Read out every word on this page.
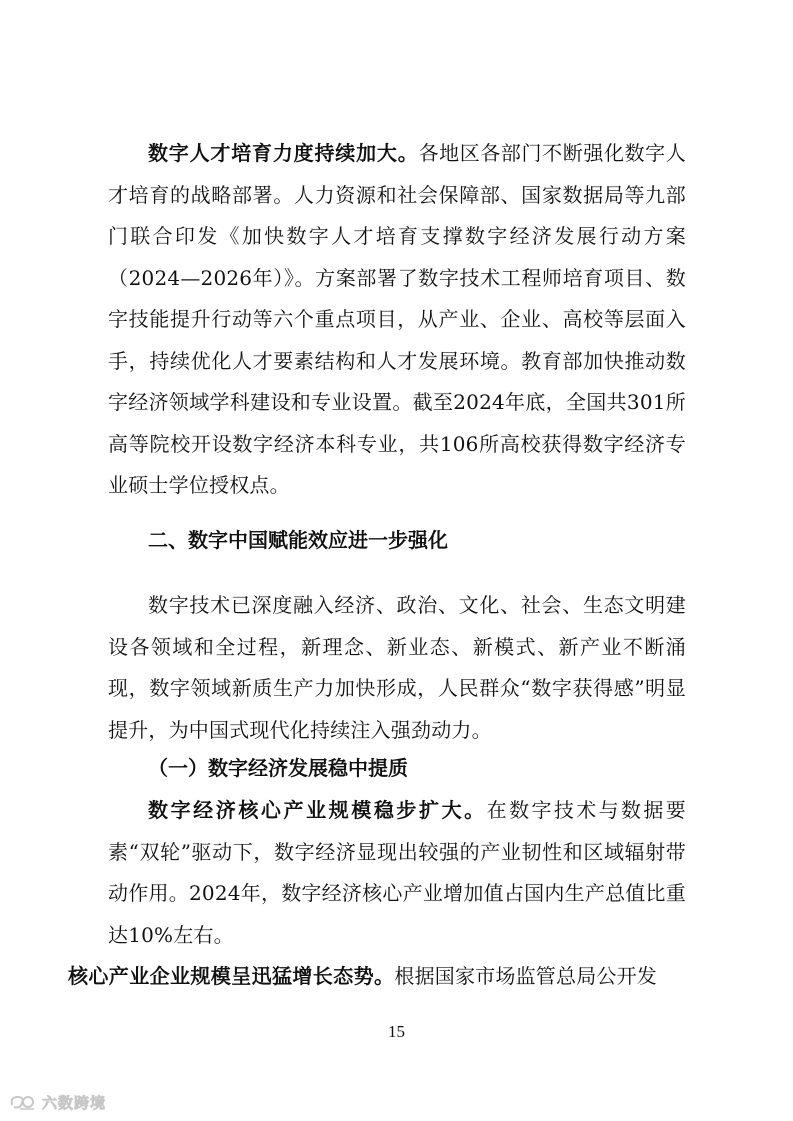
数字人才培育力度持续加大。各地区各部门不断强化数字人才培育的战略部署。人力资源和社会保障部、国家数据局等九部门联合印发《加快数字人才培育支撑数字经济发展行动方案（2024—2026年）》。方案部署了数字技术工程师培育项目、数字技能提升行动等六个重点项目，从产业、企业、高校等层面入手，持续优化人才要素结构和人才发展环境。教育部加快推动数字经济领域学科建设和专业设置。截至2024年底，全国共301所高等院校开设数字经济本科专业，共106所高校获得数字经济专业硕士学位授权点。

二、数字中国赋能效应进一步强化

数字技术已深度融入经济、政治、文化、社会、生态文明建设各领域和全过程，新理念、新业态、新模式、新产业不断涌现，数字领域新质生产力加快形成，人民群众“数字获得感”明显提升，为中国式现代化持续注入强劲动力。

（一）数字经济发展稳中提质

数字经济核心产业规模稳步扩大。在数字技术与数据要素“双轮”驱动下，数字经济显现出较强的产业韧性和区域辐射带动作用。2024年，数字经济核心产业增加值占国内生产总值比重达10%左右。
核心产业企业规模呈迅猛增长态势。根据国家市场监管总局公开发

15
六数跨境
